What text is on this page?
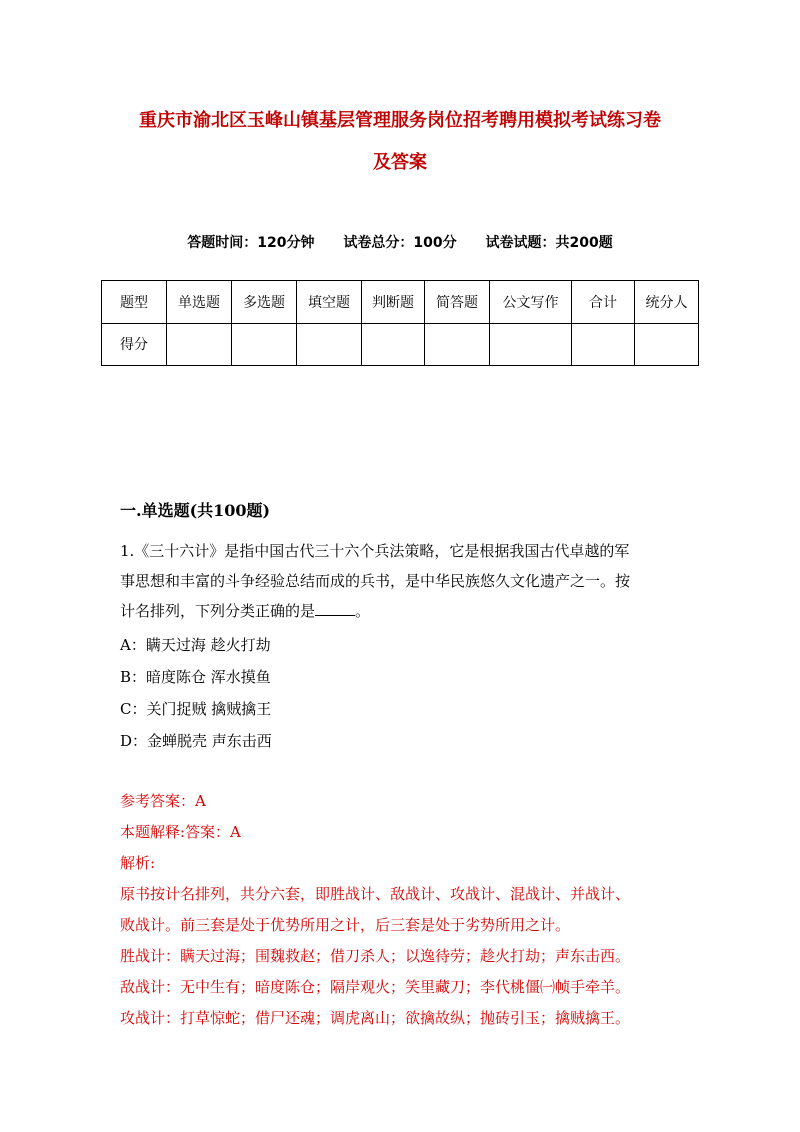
重庆市渝北区玉峰山镇基层管理服务岗位招考聘用模拟考试练习卷
及答案
答题时间：120分钟 试卷总分：100分 试卷试题：共200题
题型	单选题	多选题	填空题	判断题	简答题	公文写作	合计	统分人
得分								
一.单选题(共100题)
1.《三十六计》是指中国古代三十六个兵法策略，它是根据我国古代卓越的军
事思想和丰富的斗争经验总结而成的兵书，是中华民族悠久文化遗产之一。按
计名排列，下列分类正确的是	。
A：瞒天过海 趁火打劫
B：暗度陈仓 浑水摸鱼
C：关门捉贼 擒贼擒王
D：金蝉脱壳 声东击西
参考答案：A
本题解释:答案：A
解析:
原书按计名排列，共分六套，即胜战计、敌战计、攻战计、混战计、并战计、
败战计。前三套是处于优势所用之计，后三套是处于劣势所用之计。
胜战计：瞒天过海；围魏救赵；借刀杀人；以逸待劳；趁火打劫；声东击西。
敌战计：无中生有；暗度陈仓；隔岸观火；笑里藏刀；李代桃僵㈠帧手牵羊。
攻战计：打草惊蛇；借尸还魂；调虎离山；欲擒故纵；抛砖引玉；擒贼擒王。
